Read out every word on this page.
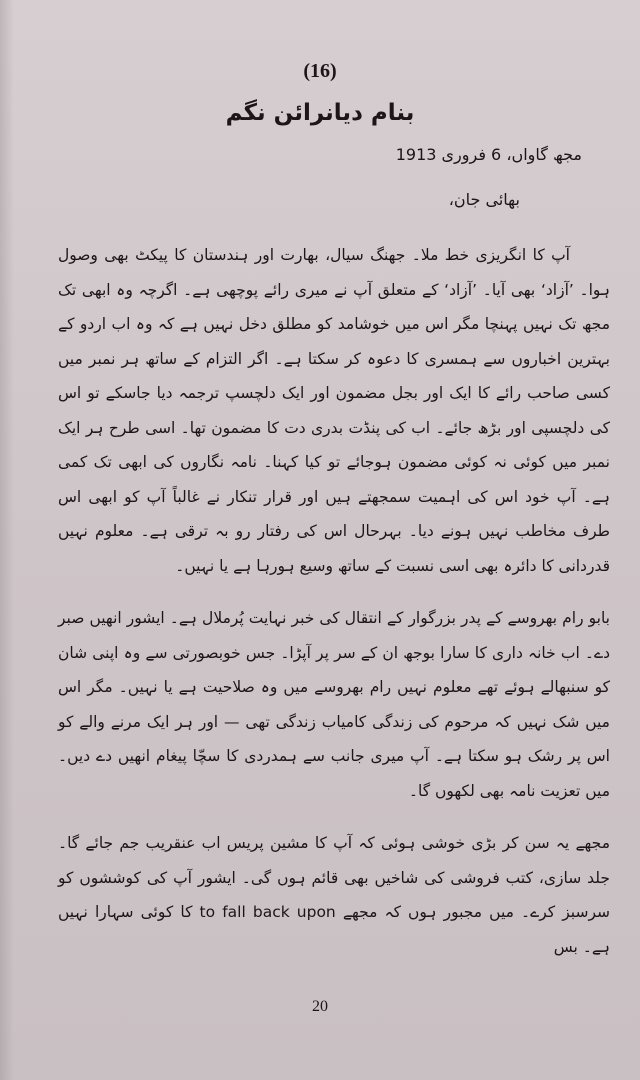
(16)
بنام دیانرائن نگم
مجھ گاواں، 6 فروری 1913
بھائی جان،

آپ کا انگریزی خط ملا۔ جھنگ سیال، بھارت اور ہندستان کا پیکٹ بھی وصول ہوا۔ ’آزاد‘ بھی آیا۔ ’آزاد‘ کے متعلق آپ نے میری رائے پوچھی ہے۔ اگرچہ وہ ابھی تک مجھ تک نہیں پہنچا مگر اس میں خوشامد کو مطلق دخل نہیں ہے کہ وہ اب اردو کے بہترین اخباروں سے ہمسری کا دعوہ کر سکتا ہے۔ اگر التزام کے ساتھ ہر نمبر میں کسی صاحب رائے کا ایک اور بجل مضمون اور ایک دلچسپ ترجمہ دیا جاسکے تو اس کی دلچسپی اور بڑھ جائے۔ اب کی پنڈت بدری دت کا مضمون تھا۔ اسی طرح ہر ایک نمبر میں کوئی نہ کوئی مضمون ہوجائے تو کیا کہنا۔ نامہ نگاروں کی ابھی تک کمی ہے۔ آپ خود اس کی اہمیت سمجھتے ہیں اور قرار تنکار نے غالباً آپ کو ابھی اس طرف مخاطب نہیں ہونے دیا۔ بہرحال اس کی رفتار رو بہ ترقی ہے۔ معلوم نہیں قدردانی کا دائرہ بھی اسی نسبت کے ساتھ وسیع ہورہا ہے یا نہیں۔

بابو رام بھروسے کے پدر بزرگوار کے انتقال کی خبر نہایت پُرملال ہے۔ ایشور انھیں صبر دے۔ اب خانہ داری کا سارا بوجھ ان کے سر پر آپڑا۔ جس خوبصورتی سے وہ اپنی شان کو سنبھالے ہوئے تھے معلوم نہیں رام بھروسے میں وہ صلاحیت ہے یا نہیں۔ مگر اس میں شک نہیں کہ مرحوم کی زندگی کامیاب زندگی تھی — اور ہر ایک مرنے والے کو اس پر رشک ہو سکتا ہے۔ آپ میری جانب سے ہمدردی کا سچّا پیغام انھیں دے دیں۔ میں تعزیت نامہ بھی لکھوں گا۔

مجھے یہ سن کر بڑی خوشی ہوئی کہ آپ کا مشین پریس اب عنقریب جم جائے گا۔ جلد سازی، کتب فروشی کی شاخیں بھی قائم ہوں گی۔ ایشور آپ کی کوششوں کو سرسبز کرے۔ میں مجبور ہوں کہ مجھے to fall back upon کا کوئی سہارا نہیں ہے۔ بس

20
